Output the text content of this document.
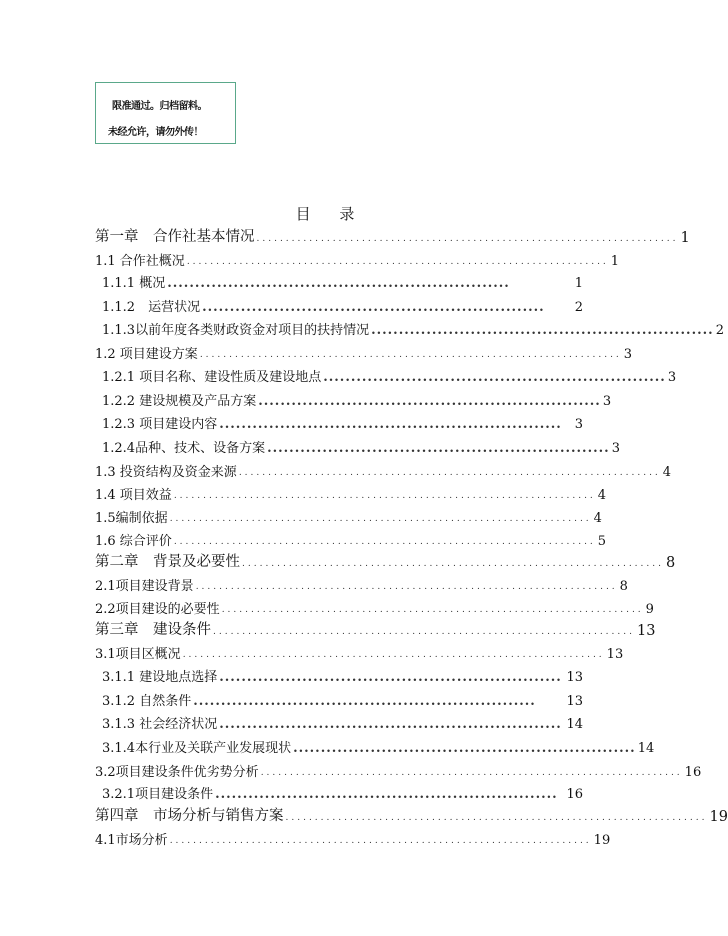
限准通过。归档留料。
未经允许，请勿外传！
目 录
第一章　合作社基本情况 ........................................................................ 1
1.1 合作社概况 ........................................................................ 1
1.1.1 概况 ..............................................................	1
1.1.2　运营状况 ..............................................................	2
1.1.3以前年度各类财政资金对项目的扶持情况 .............................................................. 2
1.2 项目建设方案 ........................................................................ 3
1.2.1 项目名称、建设性质及建设地点 .............................................................. 3
1.2.2 建设规模及产品方案 .............................................................. 3
1.2.3 项目建设内容 .............................................................. 3
1.2.4品种、技术、设备方案 .............................................................. 3
1.3 投资结构及资金来源 ........................................................................ 4
1.4 项目效益 ........................................................................ 4
1.5编制依据 ........................................................................ 4
1.6 综合评价 ........................................................................ 5
第二章　背景及必要性 ........................................................................ 8
2.1项目建设背景 ........................................................................ 8
2.2项目建设的必要性 ........................................................................ 9
第三章　建设条件 ........................................................................ 13
3.1项目区概况 ........................................................................ 13
3.1.1 建设地点选择 .............................................................. 13
3.1.2 自然条件 ..............................................................	13
3.1.3 社会经济状况 .............................................................. 14
3.1.4本行业及关联产业发展现状 .............................................................. 14
3.2项目建设条件优劣势分析 ........................................................................ 16
3.2.1项目建设条件 .............................................................. 16
第四章　市场分析与销售方案 ........................................................................ 19
4.1市场分析 ........................................................................ 19
